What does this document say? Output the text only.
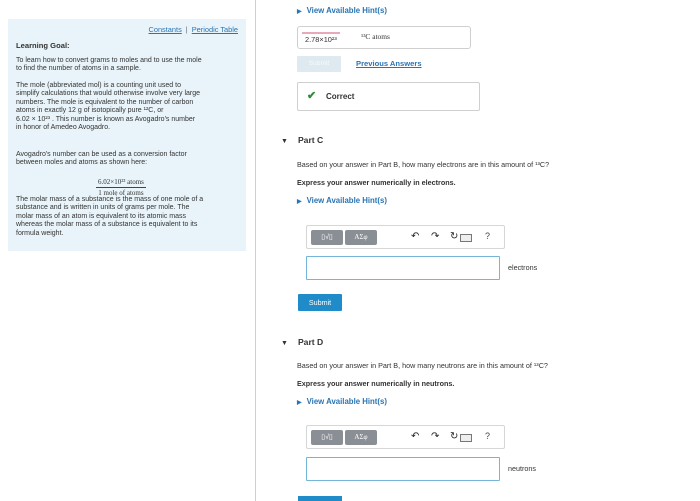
Constants | Periodic Table
Learning Goal:
To learn how to convert grams to moles and to use the mole
to find the number of atoms in a sample.
The mole (abbreviated mol) is a counting unit used to
simplify calculations that would otherwise involve very large
numbers. The mole is equivalent to the number of carbon
atoms in exactly 12 g of isotopically pure ¹²C, or
6.02 × 10²³ . This number is known as Avogadro's number
in honor of Amedeo Avogadro.
Avogadro's number can be used as a conversion factor
between moles and atoms as shown here:
6.02×10²³ atoms
1 mole of atoms
The molar mass of a substance is the mass of one mole of a
substance and is written in units of grams per mole. The
molar mass of an atom is equivalent to its atomic mass
whereas the molar mass of a substance is equivalent to its
formula weight.
▶ View Available Hint(s)
2.78×10²³	¹³C atoms
Submit	Previous Answers
✔ Correct
▼ Part C
Based on your answer in Part B, how many electrons are in this amount of ¹³C?
Express your answer numerically in electrons.
▶ View Available Hint(s)
▯√▯	ΑΣφ	↶ ↷ ↻	?
electrons
Submit
▼ Part D
Based on your answer in Part B, how many neutrons are in this amount of ¹³C?
Express your answer numerically in neutrons.
▶ View Available Hint(s)
▯√▯	ΑΣφ	↶ ↷ ↻	?
neutrons
